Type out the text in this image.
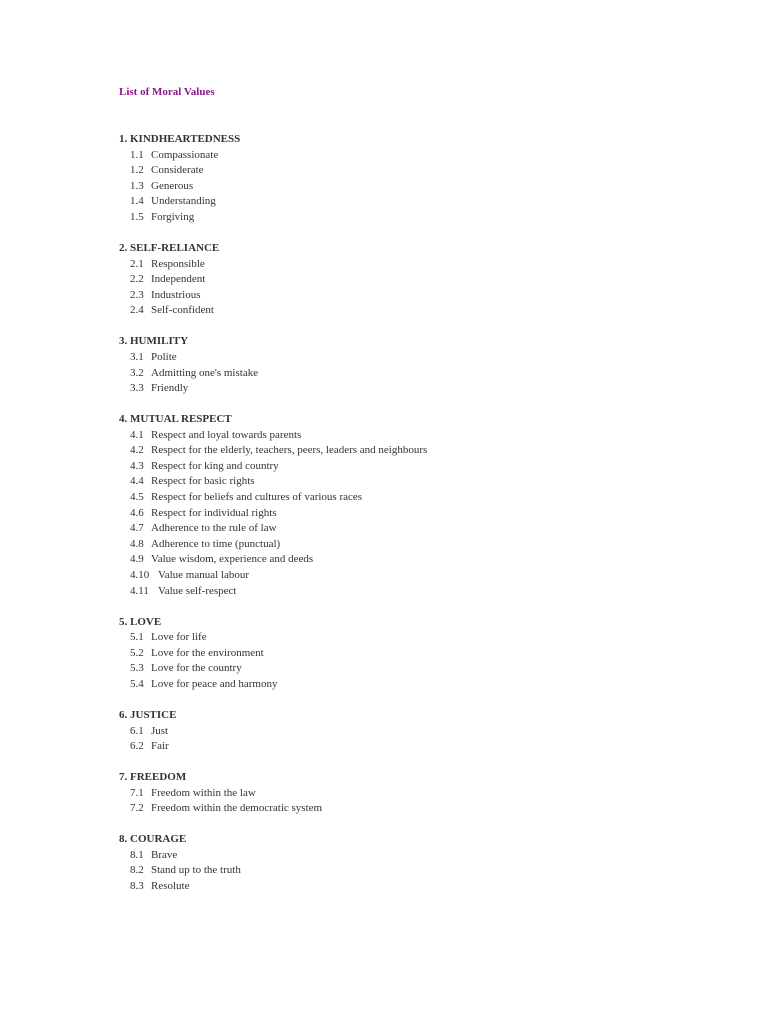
List of Moral Values
1. KINDHEARTEDNESS
1.1 Compassionate
1.2 Considerate
1.3 Generous
1.4 Understanding
1.5 Forgiving
2. SELF-RELIANCE
2.1 Responsible
2.2 Independent
2.3 Industrious
2.4 Self-confident
3. HUMILITY
3.1 Polite
3.2 Admitting one's mistake
3.3 Friendly
4. MUTUAL RESPECT
4.1 Respect and loyal towards parents
4.2 Respect for the elderly, teachers, peers, leaders and neighbours
4.3 Respect for king and country
4.4 Respect for basic rights
4.5 Respect for beliefs and cultures of various races
4.6 Respect for individual rights
4.7 Adherence to the rule of law
4.8 Adherence to time (punctual)
4.9 Value wisdom, experience and deeds
4.10 Value manual labour
4.11 Value self-respect
5. LOVE
5.1 Love for life
5.2 Love for the environment
5.3 Love for the country
5.4 Love for peace and harmony
6. JUSTICE
6.1 Just
6.2 Fair
7. FREEDOM
7.1 Freedom within the law
7.2 Freedom within the democratic system
8. COURAGE
8.1 Brave
8.2 Stand up to the truth
8.3 Resolute
